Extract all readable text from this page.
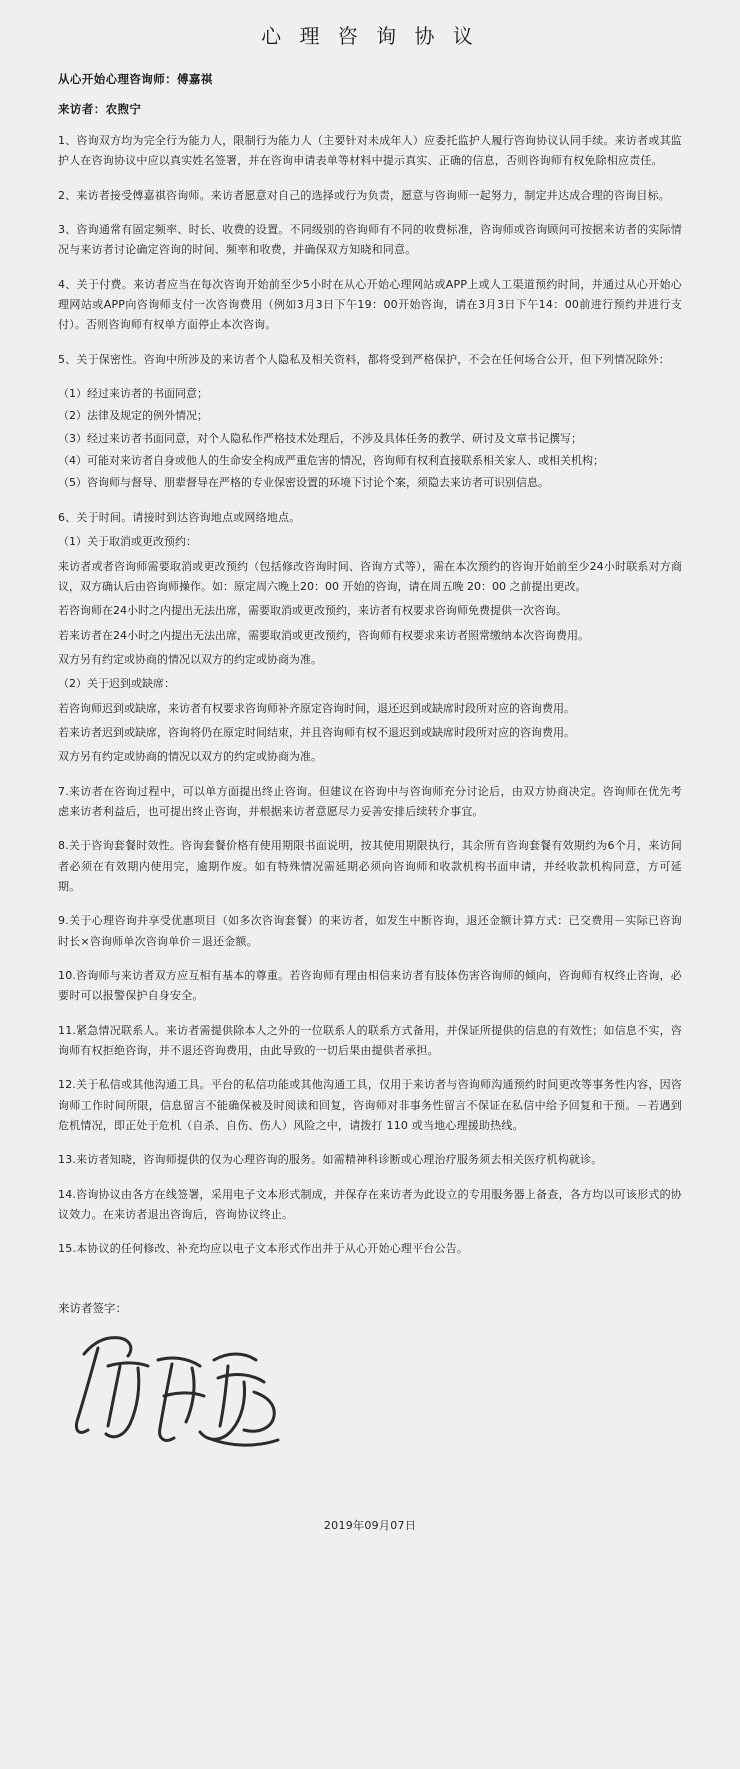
心 理 咨 询 协 议

从心开始心理咨询师：傅嘉祺

来访者：农煦宁

1、咨询双方均为完全行为能力人，限制行为能力人（主要针对未成年人）应委托监护人履行咨询协议认同手续。来访者或其监护人在咨询协议中应以真实姓名签署，并在咨询申请表单等材料中提示真实、正确的信息，否则咨询师有权免除相应责任。

2、来访者接受傅嘉祺咨询师。来访者愿意对自己的选择或行为负责，愿意与咨询师一起努力，制定并达成合理的咨询目标。

3、咨询通常有固定频率、时长、收费的设置。不同级别的咨询师有不同的收费标准，咨询师或咨询顾问可按据来访者的实际情况与来访者讨论确定咨询的时间、频率和收费，并确保双方知晓和同意。

4、关于付费。来访者应当在每次咨询开始前至少5小时在从心开始心理网站或APP上或人工渠道预约时间，并通过从心开始心理网站或APP向咨询师支付一次咨询费用（例如3月3日下午19：00开始咨询，请在3月3日下午14：00前进行预约并进行支付）。否则咨询师有权单方面停止本次咨询。

5、关于保密性。咨询中所涉及的来访者个人隐私及相关资料，都将受到严格保护，不会在任何场合公开，但下列情况除外：

（1）经过来访者的书面同意；

（2）法律及规定的例外情况；

（3）经过来访者书面同意，对个人隐私作严格技术处理后，不涉及具体任务的教学、研讨及文章书记撰写；

（4）可能对来访者自身或他人的生命安全构成严重危害的情况，咨询师有权利直接联系相关家人、或相关机构；

（5）咨询师与督导、朋辈督导在严格的专业保密设置的环境下讨论个案，须隐去来访者可识别信息。

6、关于时间。请接时到达咨询地点或网络地点。

（1）关于取消或更改预约：

来访者或者咨询师需要取消或更改预约（包括修改咨询时间、咨询方式等），需在本次预约的咨询开始前至少24小时联系对方商议，双方确认后由咨询师操作。如：原定周六晚上20：00 开始的咨询，请在周五晚 20：00 之前提出更改。

若咨询师在24小时之内提出无法出席，需要取消或更改预约，来访者有权要求咨询师免费提供一次咨询。

若来访者在24小时之内提出无法出席，需要取消或更改预约，咨询师有权要求来访者照常缴纳本次咨询费用。

双方另有约定或协商的情况以双方的约定或协商为准。

（2）关于迟到或缺席：

若咨询师迟到或缺席，来访者有权要求咨询师补齐原定咨询时间，退还迟到或缺席时段所对应的咨询费用。

若来访者迟到或缺席，咨询将仍在原定时间结束，并且咨询师有权不退迟到或缺席时段所对应的咨询费用。

双方另有约定或协商的情况以双方的约定或协商为准。

7.来访者在咨询过程中，可以单方面提出终止咨询。但建议在咨询中与咨询师充分讨论后，由双方协商决定。咨询师在优先考虑来访者利益后，也可提出终止咨询，并根据来访者意愿尽力妥善安排后续转介事宜。

8.关于咨询套餐时效性。咨询套餐价格有使用期限书面说明，按其使用期限执行，其余所有咨询套餐有效期约为6个月，来访间者必须在有效期内使用完，逾期作废。如有特殊情况需延期必须向咨询师和收款机构书面申请，并经收款机构同意，方可延期。

9.关于心理咨询并享受优惠项目（如多次咨询套餐）的来访者，如发生中断咨询，退还金额计算方式：已交费用－实际已咨询时长×咨询师单次咨询单价＝退还金额。

10.咨询师与来访者双方应互相有基本的尊重。若咨询师有理由相信来访者有肢体伤害咨询师的倾向，咨询师有权终止咨询，必要时可以报警保护自身安全。

11.紧急情况联系人。来访者需提供除本人之外的一位联系人的联系方式备用，并保证所提供的信息的有效性；如信息不实，咨询师有权拒绝咨询，并不退还咨询费用，由此导致的一切后果由提供者承担。

12.关于私信或其他沟通工具。平台的私信功能或其他沟通工具，仅用于来访者与咨询师沟通预约时间更改等事务性内容，因咨询师工作时间所限，信息留言不能确保被及时阅读和回复，咨询师对非事务性留言不保证在私信中给予回复和干预。－若遇到危机情况，即正处于危机（自杀、自伤、伤人）风险之中，请拨打 110 或当地心理援助热线。

13.来访者知晓，咨询师提供的仅为心理咨询的服务。如需精神科诊断或心理治疗服务须去相关医疗机构就诊。

14.咨询协议由各方在线签署，采用电子文本形式制成，并保存在来访者为此设立的专用服务器上备查，各方均以可该形式的协议效力。在来访者退出咨询后，咨询协议终止。

15.本协议的任何修改、补充均应以电子文本形式作出并于从心开始心理平台公告。

来访者签字：

2019年09月07日
